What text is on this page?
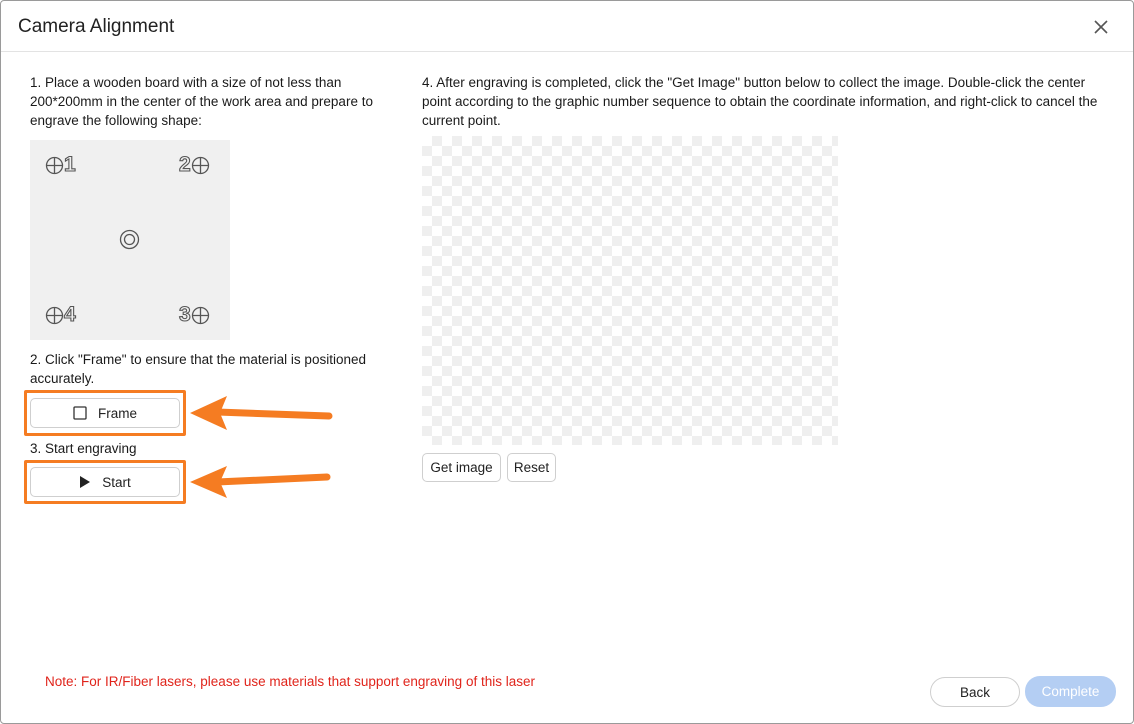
Camera Alignment
1. Place a wooden board with a size of not less than 200*200mm in the center of the work area and prepare to engrave the following shape:
1	2
4	3
2. Click "Frame" to ensure that the material is positioned accurately.
Frame
3. Start engraving
Start
4. After engraving is completed, click the "Get Image" button below to collect the image. Double-click the center point according to the graphic number sequence to obtain the coordinate information, and right-click to cancel the current point.
Get image	Reset
Note: For IR/Fiber lasers, please use materials that support engraving of this laser
Back	Complete
